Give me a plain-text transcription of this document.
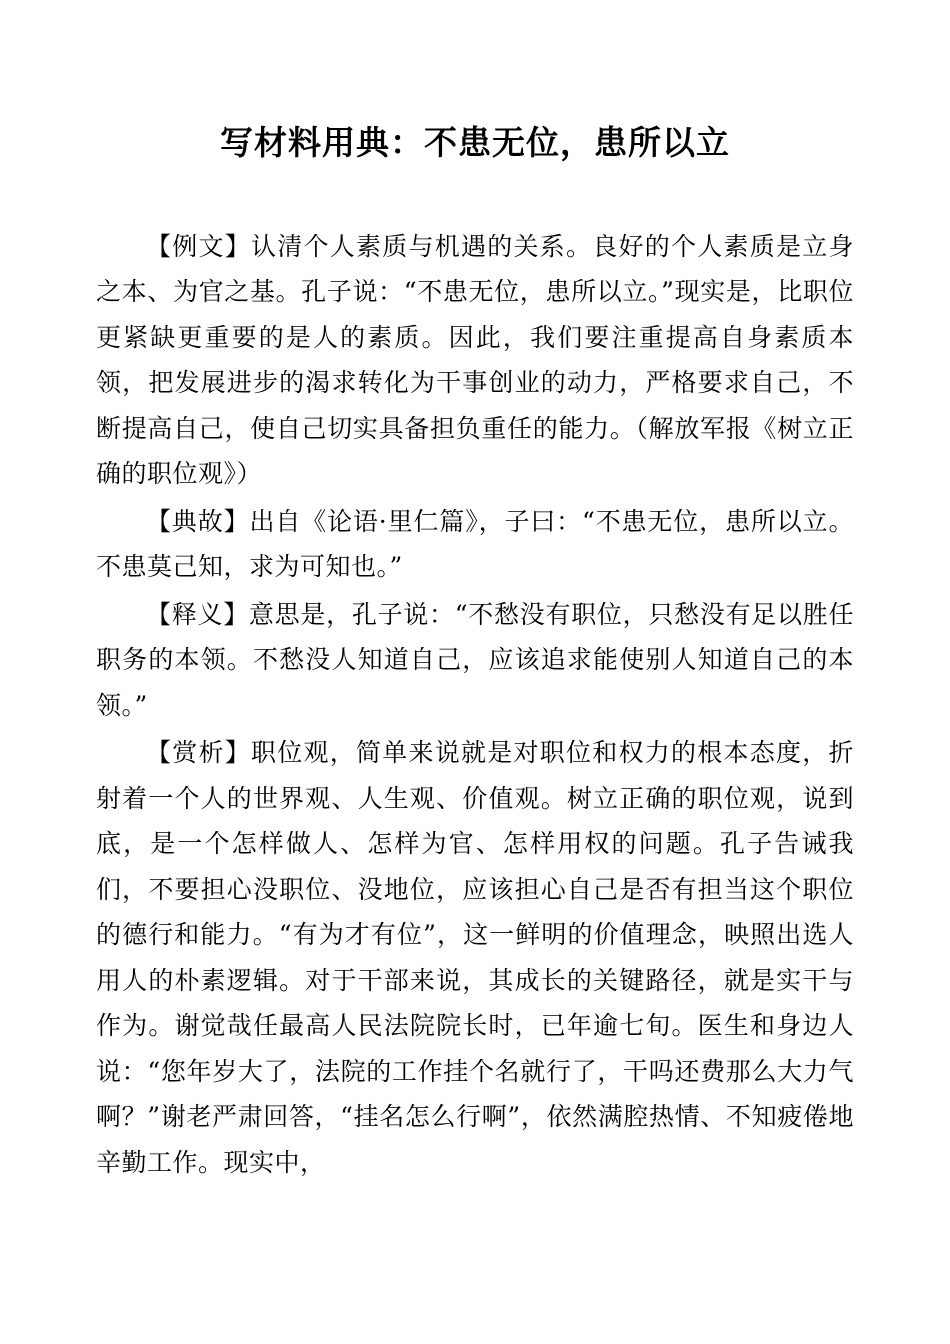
写材料用典：不患无位，患所以立

【例文】认清个人素质与机遇的关系。良好的个人素质是立身之本、为官之基。孔子说：“不患无位，患所以立。”现实是，比职位更紧缺更重要的是人的素质。因此，我们要注重提高自身素质本领，把发展进步的渴求转化为干事创业的动力，严格要求自己，不断提高自己，使自己切实具备担负重任的能力。（解放军报《树立正确的职位观》）

【典故】出自《论语·里仁篇》，子曰：“不患无位，患所以立。不患莫己知，求为可知也。”

【释义】意思是，孔子说：“不愁没有职位，只愁没有足以胜任职务的本领。不愁没人知道自己，应该追求能使别人知道自己的本领。”

【赏析】职位观，简单来说就是对职位和权力的根本态度，折射着一个人的世界观、人生观、价值观。树立正确的职位观，说到底，是一个怎样做人、怎样为官、怎样用权的问题。孔子告诫我们，不要担心没职位、没地位，应该担心自己是否有担当这个职位的德行和能力。“有为才有位”，这一鲜明的价值理念，映照出选人用人的朴素逻辑。对于干部来说，其成长的关键路径，就是实干与作为。谢觉哉任最高人民法院院长时，已年逾七旬。医生和身边人说：“您年岁大了，法院的工作挂个名就行了，干吗还费那么大力气啊？”谢老严肃回答，“挂名怎么行啊”，依然满腔热情、不知疲倦地辛勤工作。现实中，
